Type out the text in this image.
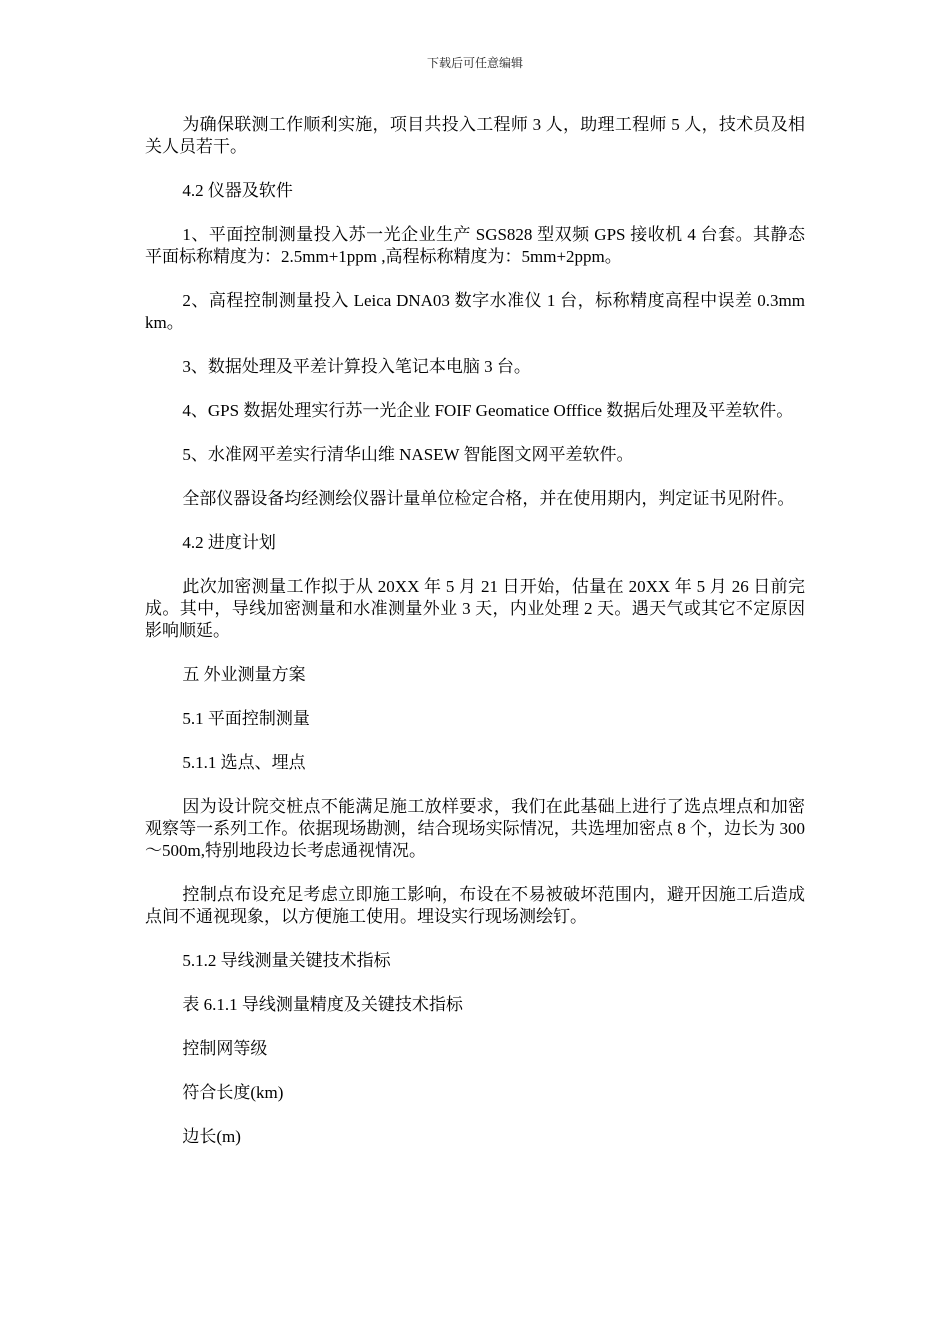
下载后可任意编辑

为确保联测工作顺利实施，项目共投入工程师 3 人，助理工程师 5 人，技术员及相关人员若干。

4.2 仪器及软件

1、平面控制测量投入苏一光企业生产 SGS828 型双频 GPS 接收机 4 台套。其静态平面标称精度为：2.5mm+1ppm ,高程标称精度为：5mm+2ppm。

2、高程控制测量投入 Leica DNA03 数字水准仪 1 台，标称精度高程中误差 0.3mm km。

3、数据处理及平差计算投入笔记本电脑 3 台。

4、GPS 数据处理实行苏一光企业 FOIF Geomatice Offfice 数据后处理及平差软件。

5、水准网平差实行清华山维 NASEW 智能图文网平差软件。

全部仪器设备均经测绘仪器计量单位检定合格，并在使用期内，判定证书见附件。

4.2 进度计划

此次加密测量工作拟于从 20XX 年 5 月 21 日开始，估量在 20XX 年 5 月 26 日前完成。其中，导线加密测量和水准测量外业 3 天，内业处理 2 天。遇天气或其它不定原因影响顺延。

五 外业测量方案

5.1 平面控制测量

5.1.1 选点、埋点

因为设计院交桩点不能满足施工放样要求，我们在此基础上进行了选点埋点和加密观察等一系列工作。依据现场勘测，结合现场实际情况，共选埋加密点 8 个，边长为 300～500m,特别地段边长考虑通视情况。

控制点布设充足考虑立即施工影响，布设在不易被破坏范围内，避开因施工后造成点间不通视现象，以方便施工使用。埋设实行现场测绘钉。

5.1.2 导线测量关键技术指标

表 6.1.1 导线测量精度及关键技术指标

控制网等级

符合长度(km)

边长(m)
